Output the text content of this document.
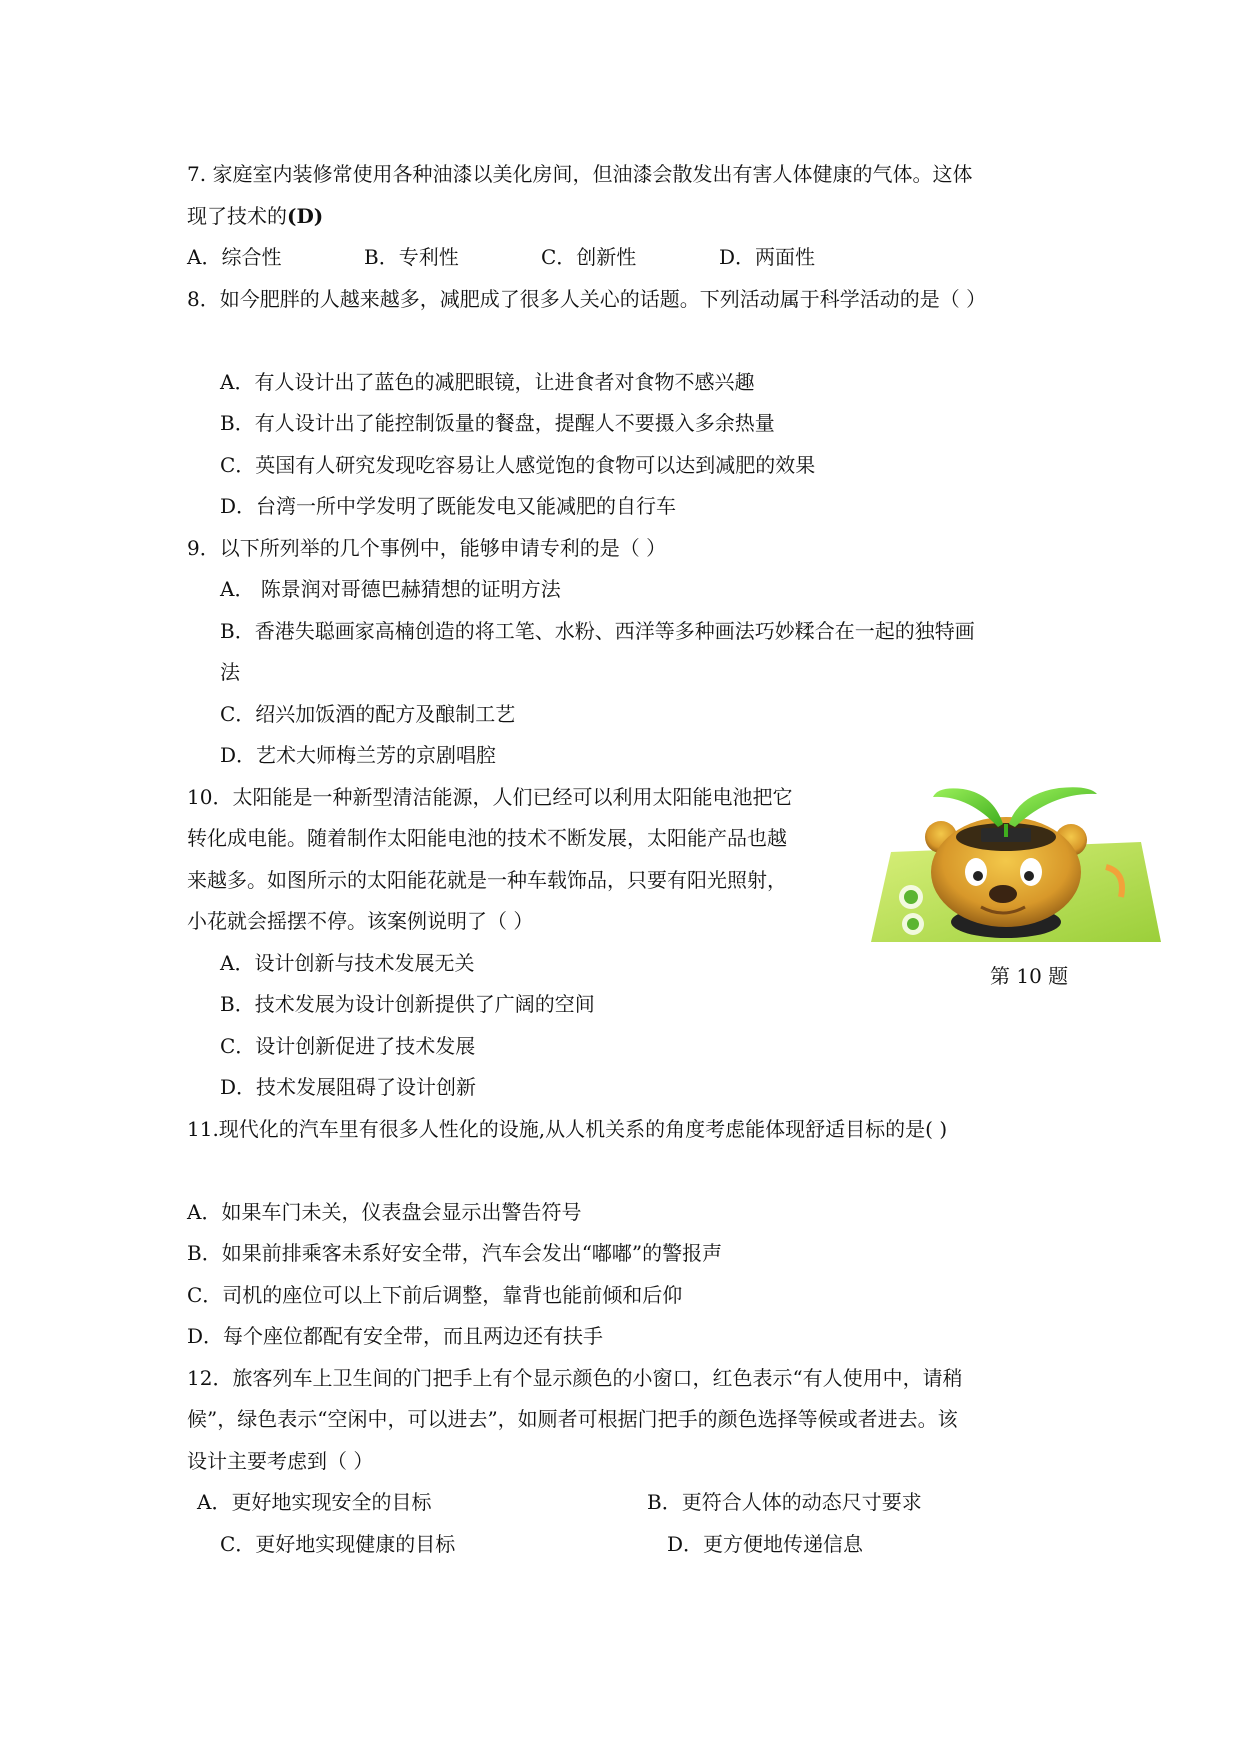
7. 家庭室内装修常使用各种油漆以美化房间，但油漆会散发出有害人体健康的气体。这体
现了技术的(D)
A．综合性	B．专利性	C．创新性	D．两面性
8．如今肥胖的人越来越多，减肥成了很多人关心的话题。下列活动属于科学活动的是（ ）
A．有人设计出了蓝色的减肥眼镜，让进食者对食物不感兴趣
B．有人设计出了能控制饭量的餐盘，提醒人不要摄入多余热量
C．英国有人研究发现吃容易让人感觉饱的食物可以达到减肥的效果
D．台湾一所中学发明了既能发电又能减肥的自行车
9．以下所列举的几个事例中，能够申请专利的是（ ）
A． 陈景润对哥德巴赫猜想的证明方法
B．香港失聪画家高楠创造的将工笔、水粉、西洋等多种画法巧妙糅合在一起的独特画
法
C．绍兴加饭酒的配方及酿制工艺
D．艺术大师梅兰芳的京剧唱腔
10．太阳能是一种新型清洁能源，人们已经可以利用太阳能电池把它
转化成电能。随着制作太阳能电池的技术不断发展，太阳能产品也越
来越多。如图所示的太阳能花就是一种车载饰品，只要有阳光照射，
小花就会摇摆不停。该案例说明了（ ）
A．设计创新与技术发展无关
B．技术发展为设计创新提供了广阔的空间
C．设计创新促进了技术发展
D．技术发展阻碍了设计创新
第 10 题
11.现代化的汽车里有很多人性化的设施,从人机关系的角度考虑能体现舒适目标的是( )
A．如果车门未关，仪表盘会显示出警告符号
B．如果前排乘客未系好安全带，汽车会发出“嘟嘟”的警报声
C．司机的座位可以上下前后调整，靠背也能前倾和后仰
D．每个座位都配有安全带，而且两边还有扶手
12．旅客列车上卫生间的门把手上有个显示颜色的小窗口，红色表示“有人使用中，请稍
候”，绿色表示“空闲中，可以进去”，如厕者可根据门把手的颜色选择等候或者进去。该
设计主要考虑到（ ）
A．更好地实现安全的目标	B．更符合人体的动态尺寸要求
C．更好地实现健康的目标	D．更方便地传递信息
